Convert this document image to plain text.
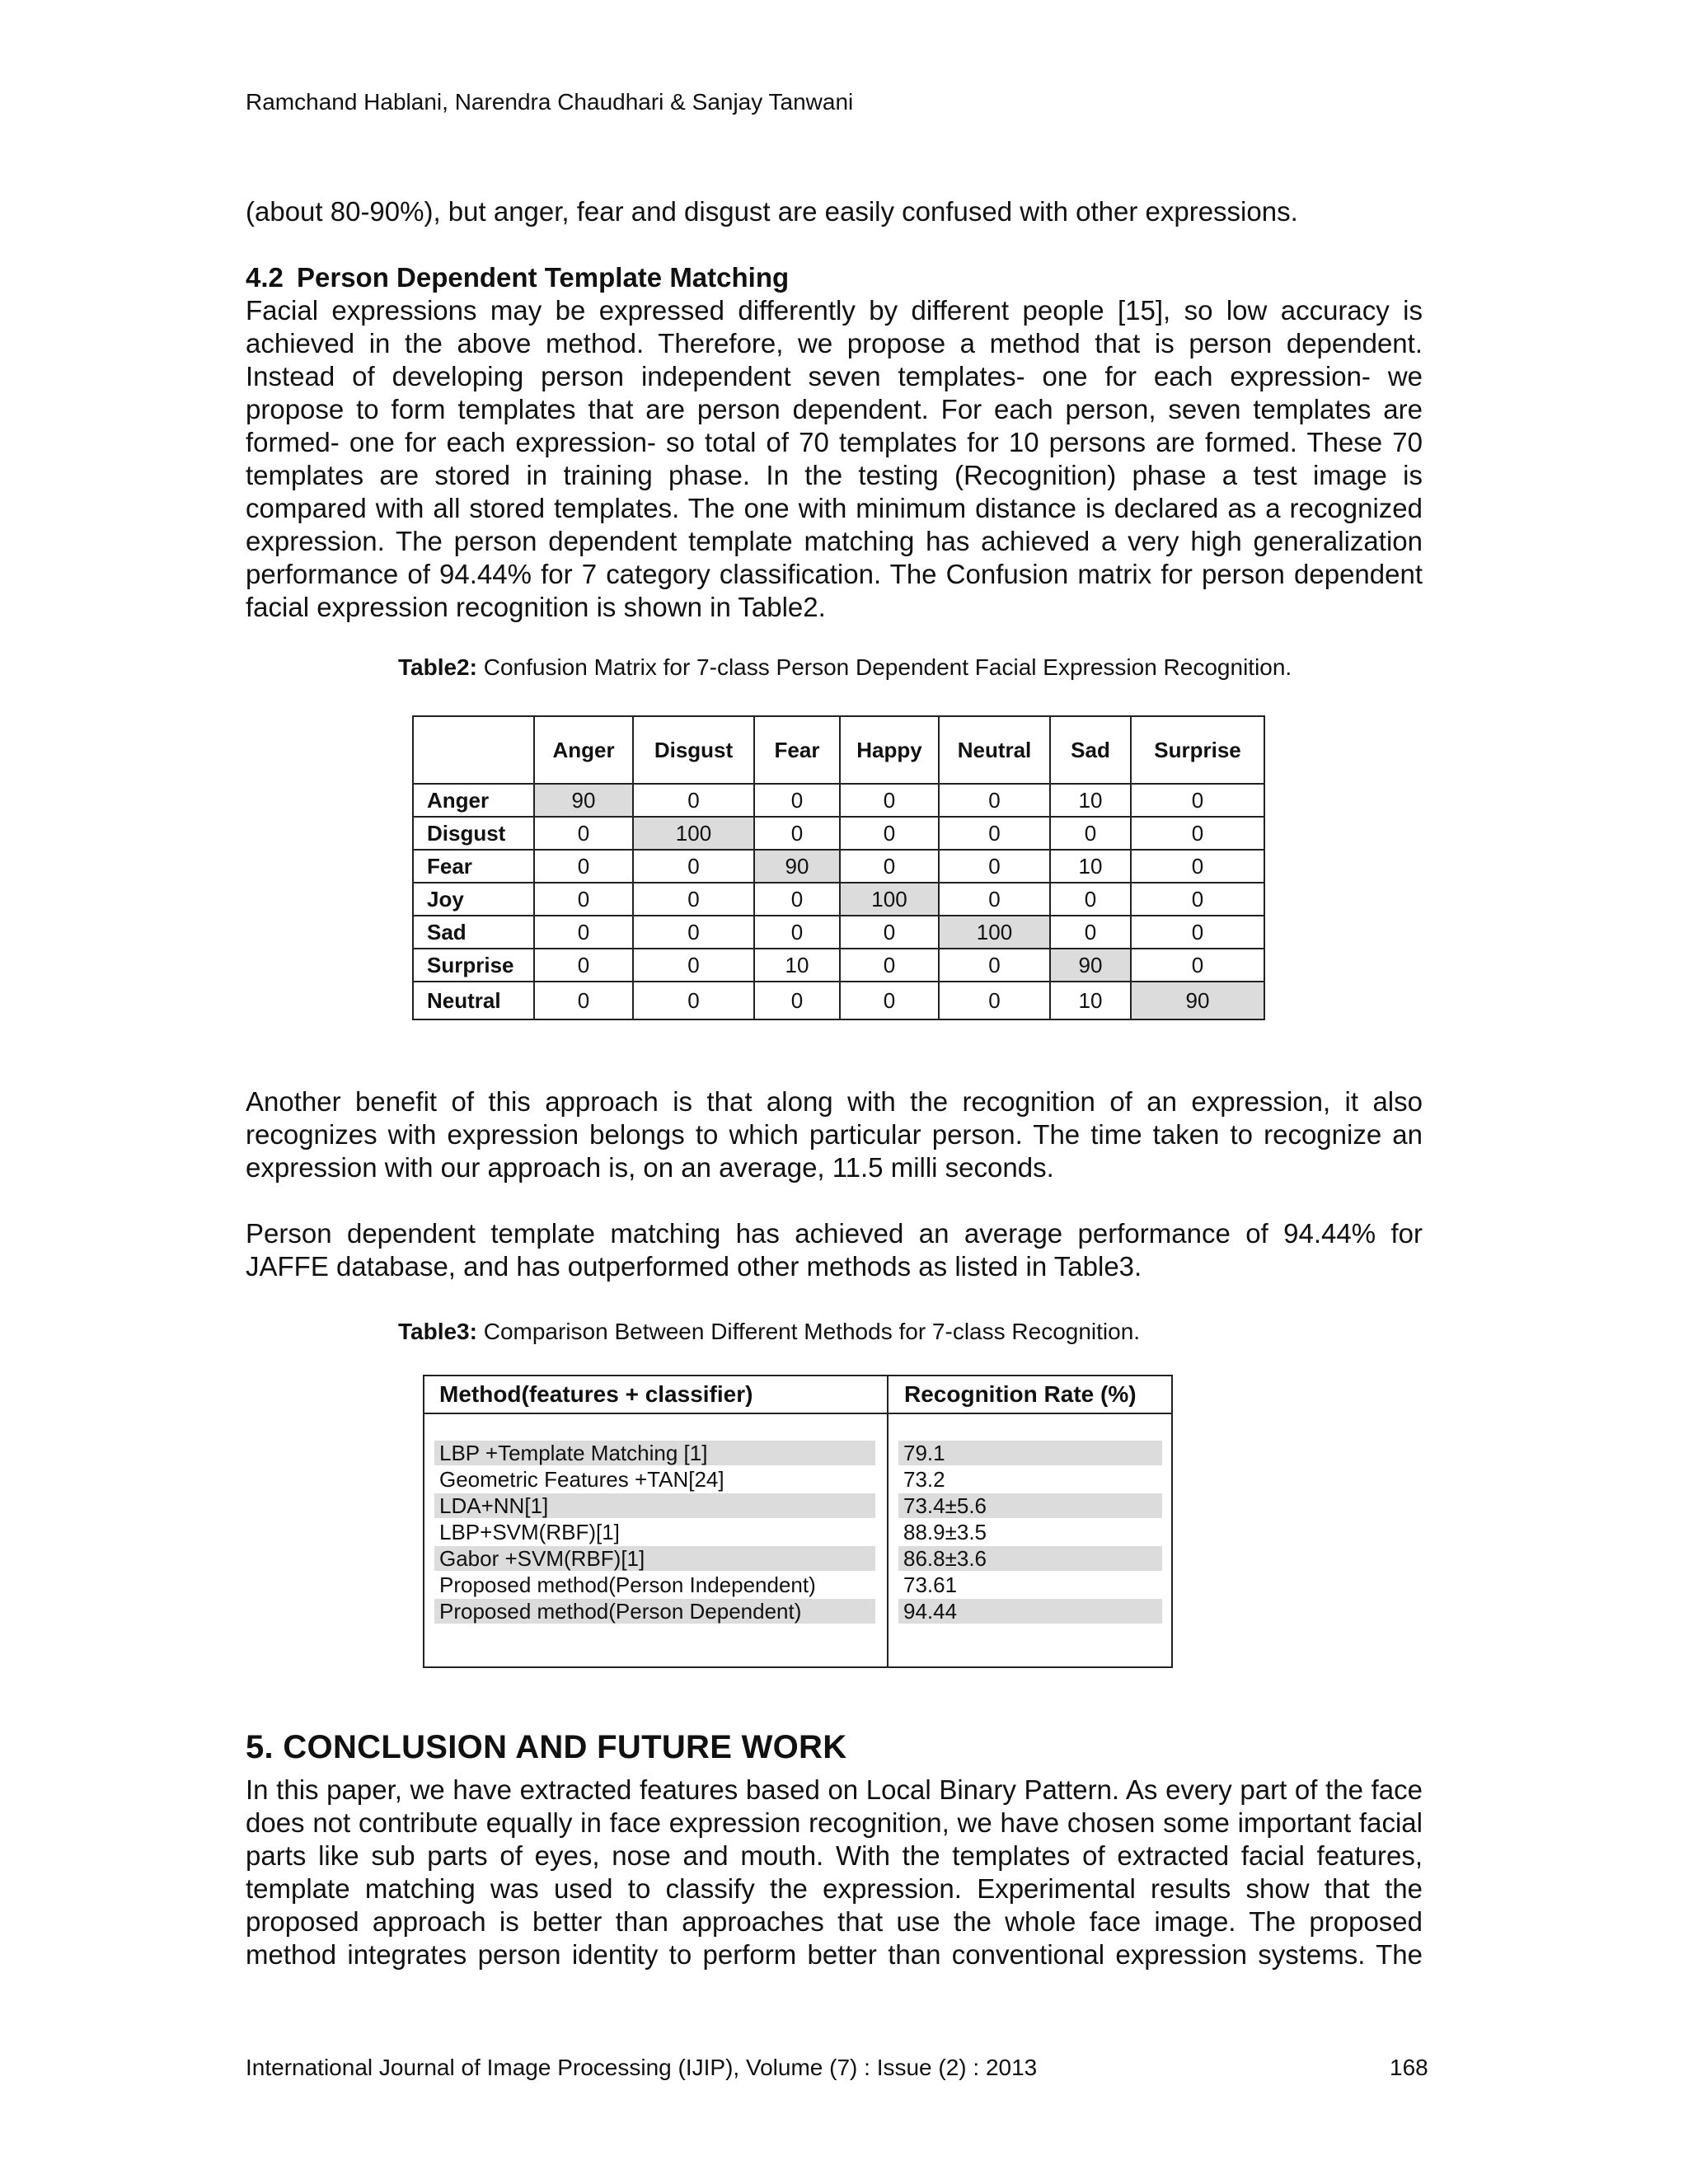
Ramchand Hablani, Narendra Chaudhari & Sanjay Tanwani

(about 80-90%), but anger, fear and disgust are easily confused with other expressions.

4.2 Person Dependent Template Matching

Facial expressions may be expressed differently by different people [15], so low accuracy is
achieved in the above method. Therefore, we propose a method that is person dependent.
Instead of developing person independent seven templates- one for each expression- we
propose to form templates that are person dependent. For each person, seven templates are
formed- one for each expression- so total of 70 templates for 10 persons are formed. These 70
templates are stored in training phase. In the testing (Recognition) phase a test image is
compared with all stored templates. The one with minimum distance is declared as a recognized
expression. The person dependent template matching has achieved a very high generalization
performance of 94.44% for 7 category classification. The Confusion matrix for person dependent
facial expression recognition is shown in Table2.
Table2: Confusion Matrix for 7-class Person Dependent Facial Expression Recognition.
	Anger	Disgust	Fear	Happy	Neutral	Sad	Surprise
Anger	90	0	0	0	0	10	0
Disgust	0	100	0	0	0	0	0
Fear	0	0	90	0	0	10	0
Joy	0	0	0	100	0	0	0
Sad	0	0	0	0	100	0	0
Surprise	0	0	10	0	0	90	0
Neutral	0	0	0	0	0	10	90
Another benefit of this approach is that along with the recognition of an expression, it also
recognizes with expression belongs to which particular person. The time taken to recognize an
expression with our approach is, on an average, 11.5 milli seconds.
Person dependent template matching has achieved an average performance of 94.44% for
JAFFE database, and has outperformed other methods as listed in Table3.
Table3: Comparison Between Different Methods for 7-class Recognition.
Method(features + classifier)	Recognition Rate (%)
LBP +Template Matching [1]	79.1
Geometric Features +TAN[24]	73.2
LDA+NN[1]	73.4±5.6
LBP+SVM(RBF)[1]	88.9±3.5
Gabor +SVM(RBF)[1]	86.8±3.6
Proposed method(Person Independent)	73.61
Proposed method(Person Dependent)	94.44

5. CONCLUSION AND FUTURE WORK

In this paper, we have extracted features based on Local Binary Pattern. As every part of the face
does not contribute equally in face expression recognition, we have chosen some important facial
parts like sub parts of eyes, nose and mouth. With the templates of extracted facial features,
template matching was used to classify the expression. Experimental results show that the
proposed approach is better than approaches that use the whole face image. The proposed
method integrates person identity to perform better than conventional expression systems. The
International Journal of Image Processing (IJIP), Volume (7) : Issue (2) : 2013	168
